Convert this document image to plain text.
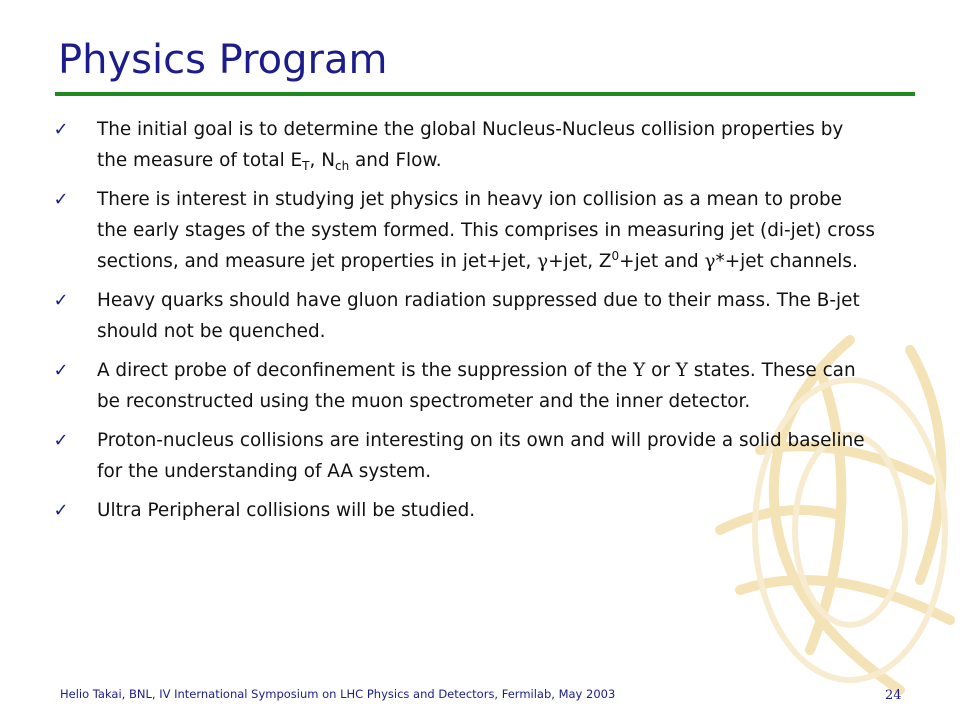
Physics Program
✓ The initial goal is to determine the global Nucleus-Nucleus collision properties by the measure of total $E_T$, $N_{ch}$ and Flow.
✓ There is interest in studying jet physics in heavy ion collision as a mean to probe the early stages of the system formed. This comprises in measuring jet (di-jet) cross sections, and measure jet properties in jet+jet, γ+jet, $Z^0+jet$ and γ*+jet channels.
✓ Heavy quarks should have gluon radiation suppressed due to their mass. The B-jet should not be quenched.
✓ A direct probe of deconfinement is the suppression of the Υ or Υ states. These can be reconstructed using the muon spectrometer and the inner detector.
✓ Proton-nucleus collisions are interesting on its own and will provide a solid baseline for the understanding of AA system.
✓ Ultra Peripheral collisions will be studied.
Helio Takai, BNL, IV International Symposium on LHC Physics and Detectors, Fermilab, May 2003	24
